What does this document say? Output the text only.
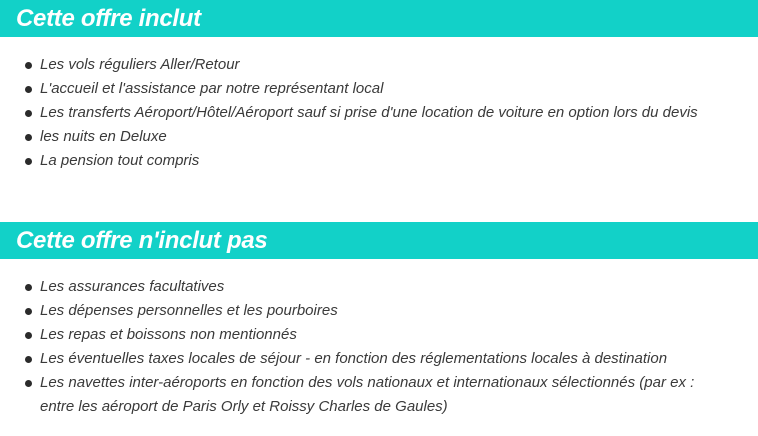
Cette offre inclut
Les vols réguliers Aller/Retour
L'accueil et l'assistance par notre représentant local
Les transferts Aéroport/Hôtel/Aéroport sauf si prise d'une location de voiture en option lors du devis
les nuits en Deluxe
La pension tout compris
Cette offre n'inclut pas
Les assurances facultatives
Les dépenses personnelles et les pourboires
Les repas et boissons non mentionnés
Les éventuelles taxes locales de séjour - en fonction des réglementations locales à destination
Les navettes inter-aéroports en fonction des vols nationaux et internationaux sélectionnés (par ex : entre les aéroport de Paris Orly et Roissy Charles de Gaules)
